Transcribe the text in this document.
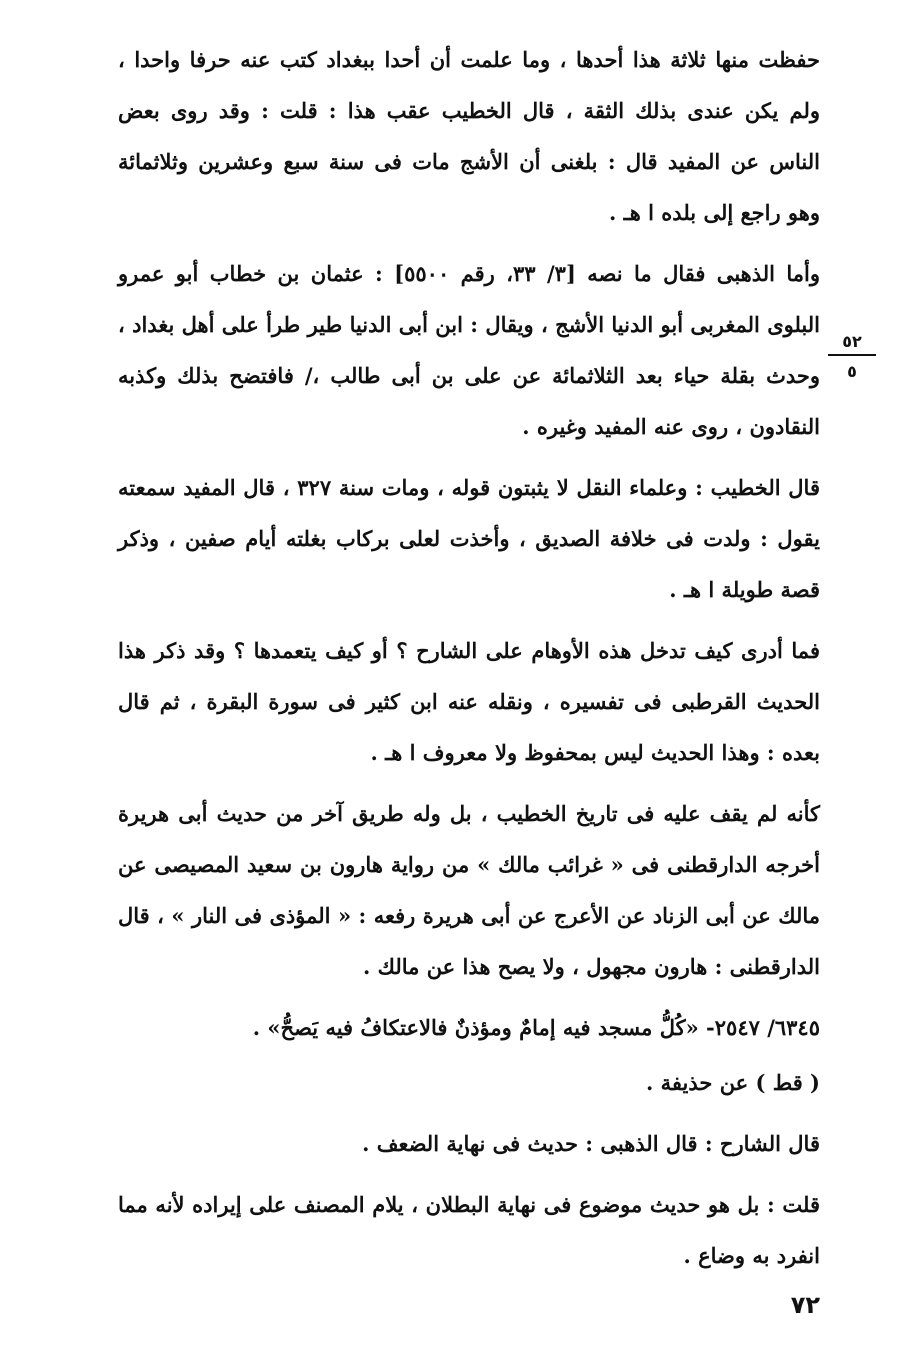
حفظت منها ثلاثة هذا أحدها ، وما علمت أن أحدا ببغداد كتب عنه حرفا واحدا ، ولم يكن عندى بذلك الثقة ، قال الخطيب عقب هذا : قلت : وقد روى بعض الناس عن المفيد قال : بلغنى أن الأشج مات فى سنة سبع وعشرين وثلاثمائة وهو راجع إلى بلده ا هـ .

وأما الذهبى فقال ما نصه [٣/ ٣٣، رقم ٥٥٠٠] : عثمان بن خطاب أبو عمرو البلوى المغربى أبو الدنيا الأشج ، ويقال : ابن أبى الدنيا طير طرأ على أهل بغداد ، وحدث بقلة حياء بعد الثلاثمائة عن على بن أبى طالب ،/ فافتضح بذلك وكذبه النقادون ، روى عنه المفيد وغيره .

قال الخطيب : وعلماء النقل لا يثبتون قوله ، ومات سنة ٣٢٧ ، قال المفيد سمعته يقول : ولدت فى خلافة الصديق ، وأخذت لعلى بركاب بغلته أيام صفين ، وذكر قصة طويلة ا هـ .

فما أدرى كيف تدخل هذه الأوهام على الشارح ؟ أو كيف يتعمدها ؟ وقد ذكر هذا الحديث القرطبى فى تفسيره ، ونقله عنه ابن كثير فى سورة البقرة ، ثم قال بعده : وهذا الحديث ليس بمحفوظ ولا معروف ا هـ .

كأنه لم يقف عليه فى تاريخ الخطيب ، بل وله طريق آخر من حديث أبى هريرة أخرجه الدارقطنى فى « غرائب مالك » من رواية هارون بن سعيد المصيصى عن مالك عن أبى الزناد عن الأعرج عن أبى هريرة رفعه : « المؤذى فى النار » ، قال الدارقطنى : هارون مجهول ، ولا يصح هذا عن مالك .

٦٣٤٥/ ٢٥٤٧- «كُلُّ مسجد فيه إمامٌ ومؤذنٌ فالاعتكافُ فيه يَصحُّ» .

( قط ) عن حذيفة .

قال الشارح : قال الذهبى : حديث فى نهاية الضعف .

قلت : بل هو حديث موضوع فى نهاية البطلان ، يلام المصنف على إيراده لأنه مما انفرد به وضاع .

٥٢
٥
٧٢
